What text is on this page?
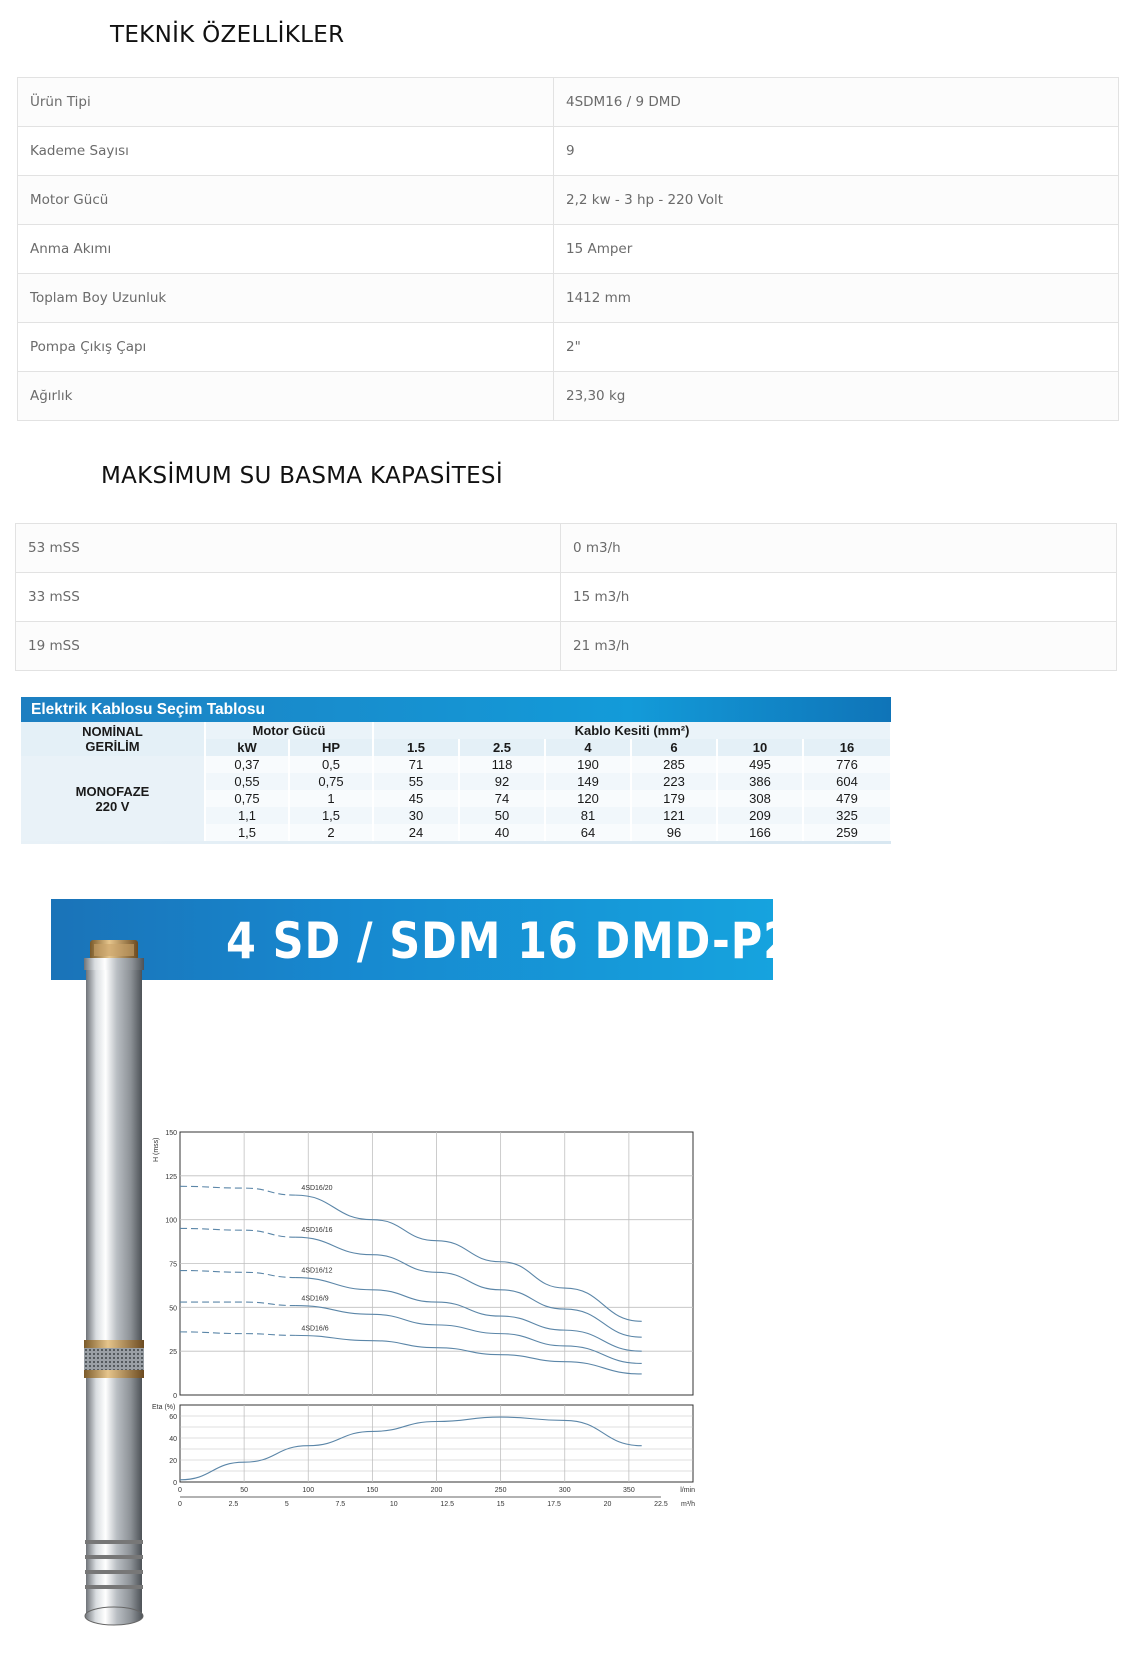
TEKNİK ÖZELLİKLER
Ürün Tipi	4SDM16 / 9 DMD
Kademe Sayısı	9
Motor Gücü	2,2 kw - 3 hp - 220 Volt
Anma Akımı	15 Amper
Toplam Boy Uzunluk	1412 mm
Pompa Çıkış Çapı	2"
Ağırlık	23,30 kg
MAKSİMUM SU BASMA KAPASİTESİ
53 mSS	0 m3/h
33 mSS	15 m3/h
19 mSS	21 m3/h
Elektrik Kablosu Seçim Tablosu
NOMİNAL GERİLİM	Motor Gücü		Kablo Kesiti (mm²)					
	kW	HP	1.5	2.5	4	6	10	16

MONOFAZE
220 V	0,37	0,5	71	118	190	285	495	776
	0,55	0,75	55	92	149	223	386	604
	0,75	1	45	74	120	179	308	479
	1,1	1,5	30	50	81	121	209	325
	1,5	2	24	40	64	96	166	259
4 SD / SDM 16 DMD-P2
0
25
50
75
100
125
150
0
20
40
60
H (mss)
Eta (%)
0	50	100	150	200	250	300	350	l/min
0	2.5	5	7.5	10	12.5	15	17.5	20	22.5 m³/h
4SD16/20
4SD16/16
4SD16/12
4SD16/9
4SD16/6
